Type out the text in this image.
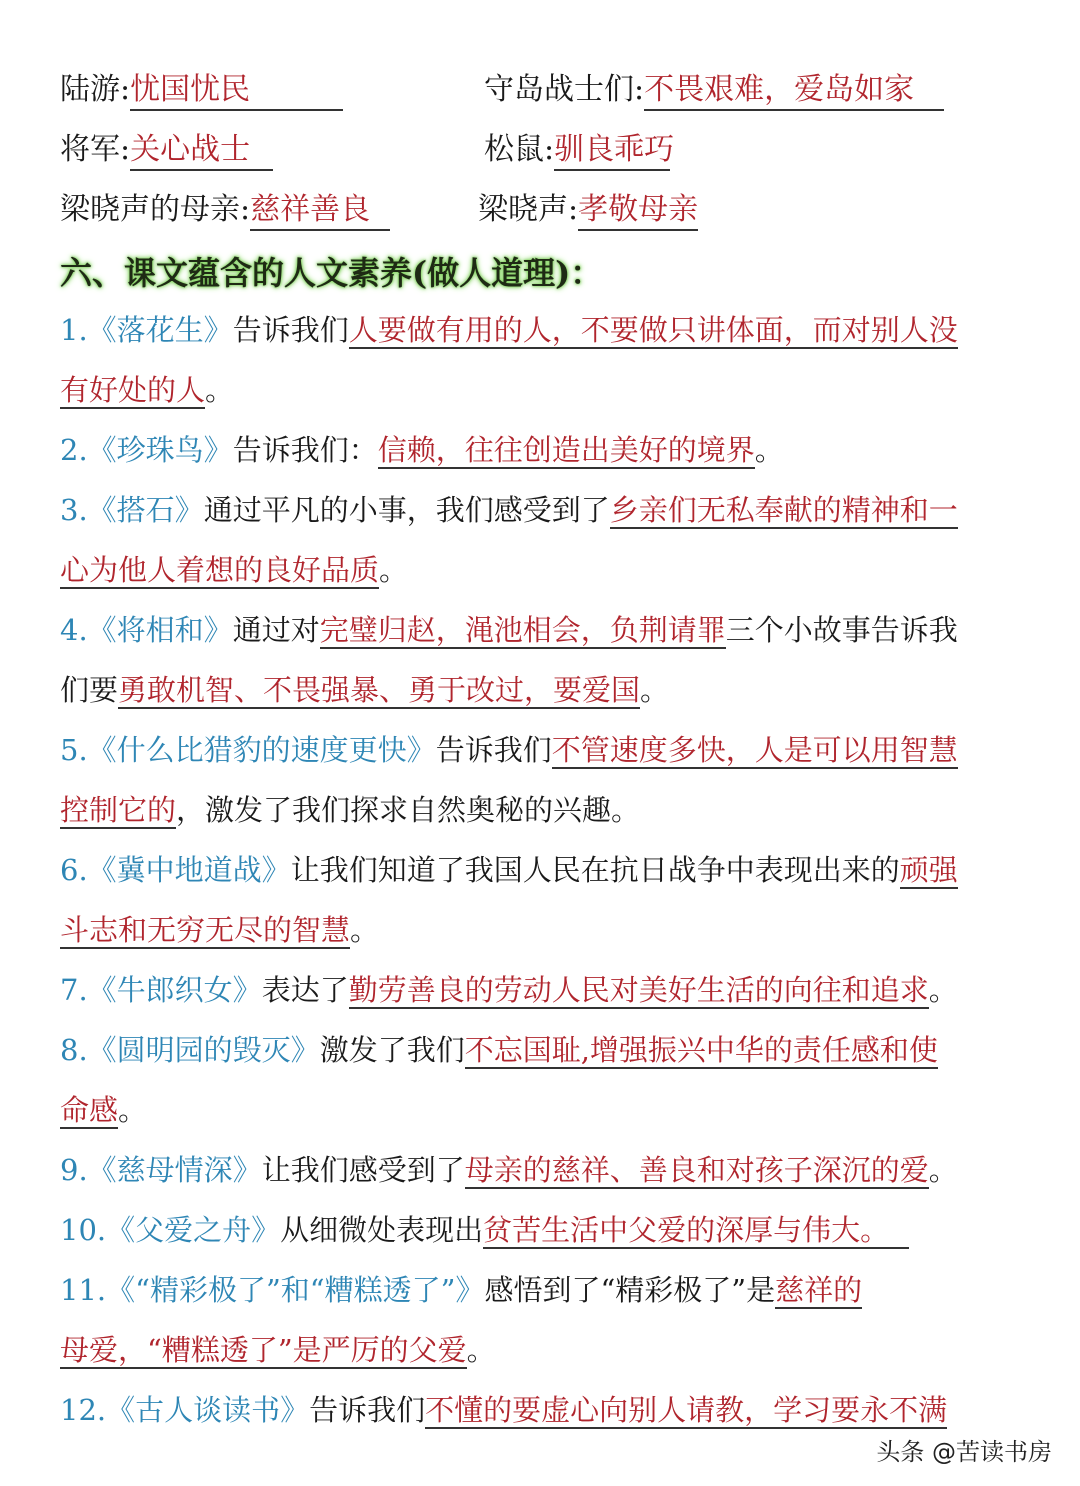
陆游:忧国忧民	守岛战士们:不畏艰难，爱岛如家
将军:关心战士	松鼠:驯良乖巧
梁晓声的母亲:慈祥善良	梁晓声:孝敬母亲
六、课文蕴含的人文素养(做人道理)：
1.《落花生》告诉我们人要做有用的人，不要做只讲体面，而对别人没
有好处的人。
2.《珍珠鸟》告诉我们：信赖，往往创造出美好的境界。
3.《搭石》通过平凡的小事，我们感受到了乡亲们无私奉献的精神和一
心为他人着想的良好品质。
4.《将相和》通过对完璧归赵，渑池相会，负荆请罪三个小故事告诉我
们要勇敢机智、不畏强暴、勇于改过，要爱国。
5.《什么比猎豹的速度更快》告诉我们不管速度多快，人是可以用智慧
控制它的，激发了我们探求自然奥秘的兴趣。
6.《冀中地道战》让我们知道了我国人民在抗日战争中表现出来的顽强
斗志和无穷无尽的智慧。
7.《牛郎织女》表达了勤劳善良的劳动人民对美好生活的向往和追求。
8.《圆明园的毁灭》激发了我们不忘国耻,增强振兴中华的责任感和使
命感。
9.《慈母情深》让我们感受到了母亲的慈祥、善良和对孩子深沉的爱。
10.《父爱之舟》从细微处表现出贫苦生活中父爱的深厚与伟大。
11.《“精彩极了”和“糟糕透了”》感悟到了“精彩极了”是慈祥的
母爱，“糟糕透了”是严厉的父爱。
12.《古人谈读书》告诉我们不懂的要虚心向别人请教，学习要永不满
头条 @苦读书房
